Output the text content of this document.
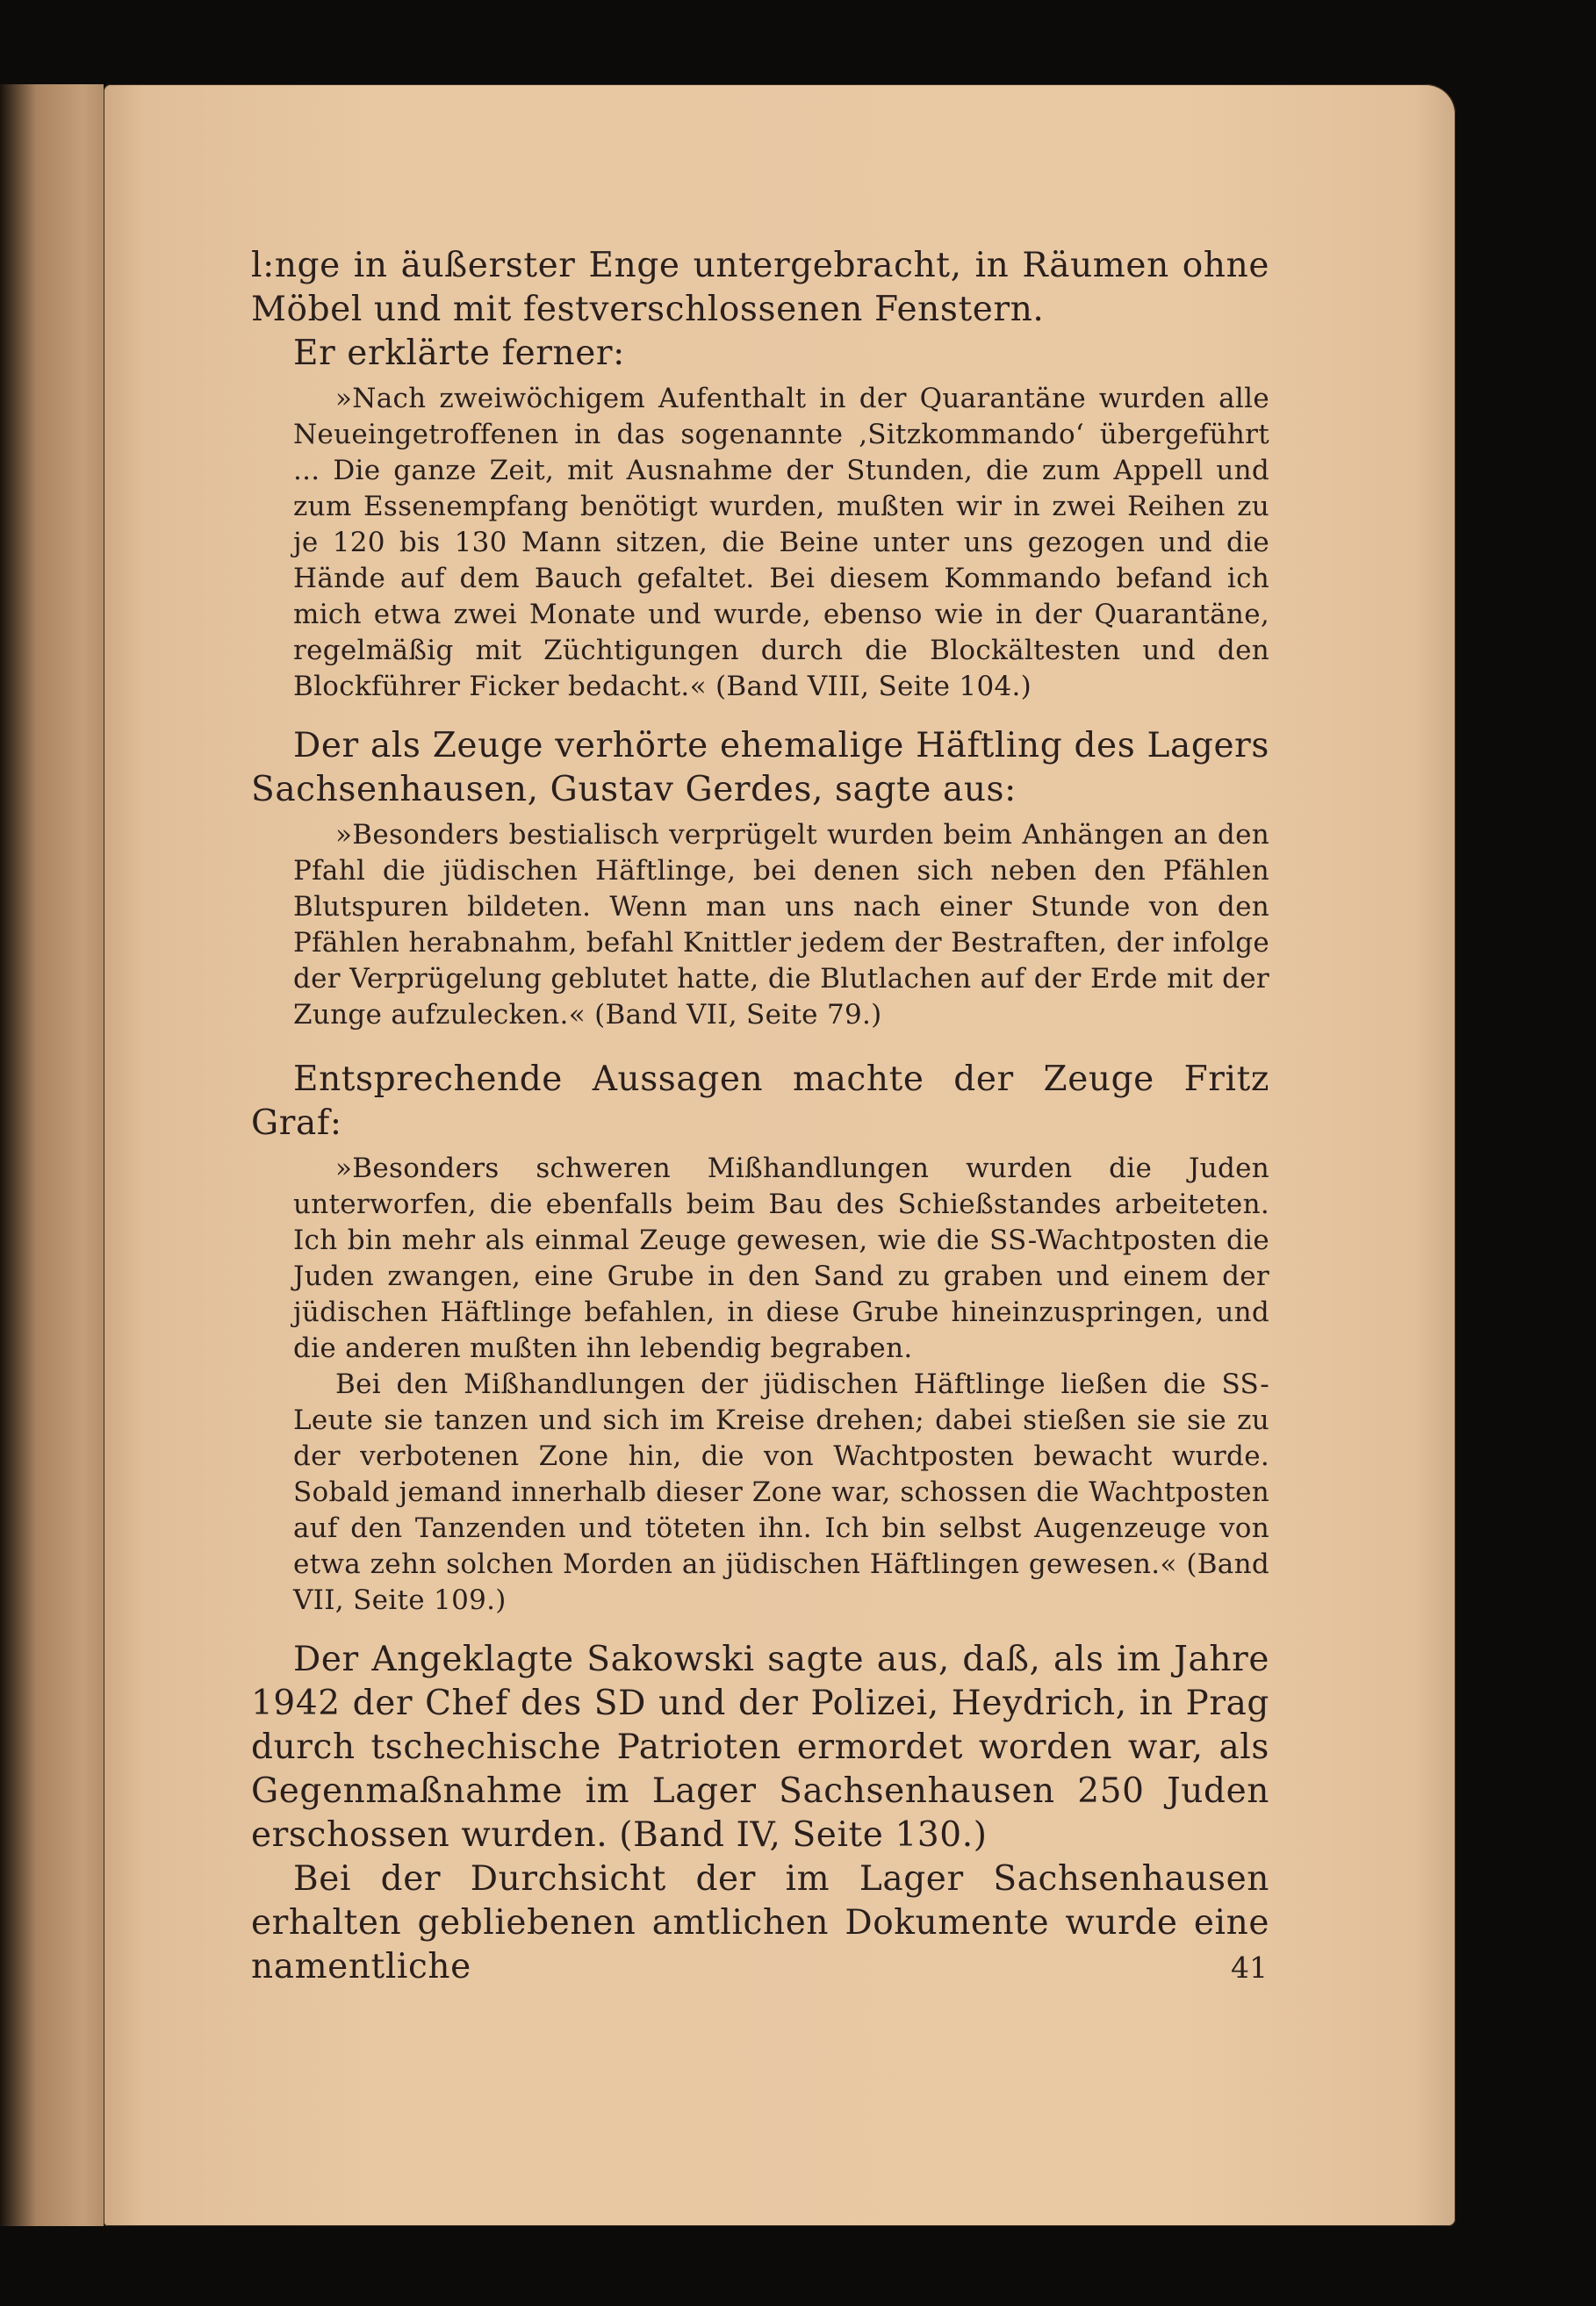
l:nge in äußerster Enge untergebracht, in Räumen ohne Möbel und mit festverschlossenen Fenstern.

Er erklärte ferner:

»Nach zweiwöchigem Aufenthalt in der Quarantäne wurden alle Neueingetroffenen in das sogenannte ‚Sitzkommando‘ übergeführt ... Die ganze Zeit, mit Ausnahme der Stunden, die zum Appell und zum Essenempfang benötigt wurden, mußten wir in zwei Reihen zu je 120 bis 130 Mann sitzen, die Beine unter uns gezogen und die Hände auf dem Bauch gefaltet. Bei diesem Kommando befand ich mich etwa zwei Monate und wurde, ebenso wie in der Quarantäne, regelmäßig mit Züchtigungen durch die Blockältesten und den Blockführer Ficker bedacht.« (Band VIII, Seite 104.)

Der als Zeuge verhörte ehemalige Häftling des Lagers Sachsenhausen, Gustav Gerdes, sagte aus:

»Besonders bestialisch verprügelt wurden beim Anhängen an den Pfahl die jüdischen Häftlinge, bei denen sich neben den Pfählen Blutspuren bildeten. Wenn man uns nach einer Stunde von den Pfählen herabnahm, befahl Knittler jedem der Bestraften, der infolge der Verprügelung geblutet hatte, die Blutlachen auf der Erde mit der Zunge aufzulecken.« (Band VII, Seite 79.)

Entsprechende Aussagen machte der Zeuge Fritz Graf:

»Besonders schweren Mißhandlungen wurden die Juden unterworfen, die ebenfalls beim Bau des Schießstandes arbeiteten. Ich bin mehr als einmal Zeuge gewesen, wie die SS-Wachtposten die Juden zwangen, eine Grube in den Sand zu graben und einem der jüdischen Häftlinge befahlen, in diese Grube hineinzuspringen, und die anderen mußten ihn lebendig begraben.

Bei den Mißhandlungen der jüdischen Häftlinge ließen die SS-Leute sie tanzen und sich im Kreise drehen; dabei stießen sie sie zu der verbotenen Zone hin, die von Wachtposten bewacht wurde. Sobald jemand innerhalb dieser Zone war, schossen die Wachtposten auf den Tanzenden und töteten ihn. Ich bin selbst Augenzeuge von etwa zehn solchen Morden an jüdischen Häftlingen gewesen.« (Band VII, Seite 109.)

Der Angeklagte Sakowski sagte aus, daß, als im Jahre 1942 der Chef des SD und der Polizei, Heydrich, in Prag durch tschechische Patrioten ermordet worden war, als Gegenmaßnahme im Lager Sachsenhausen 250 Juden erschossen wurden. (Band IV, Seite 130.)

Bei der Durchsicht der im Lager Sachsenhausen erhalten gebliebenen amtlichen Dokumente wurde eine namentliche	41
